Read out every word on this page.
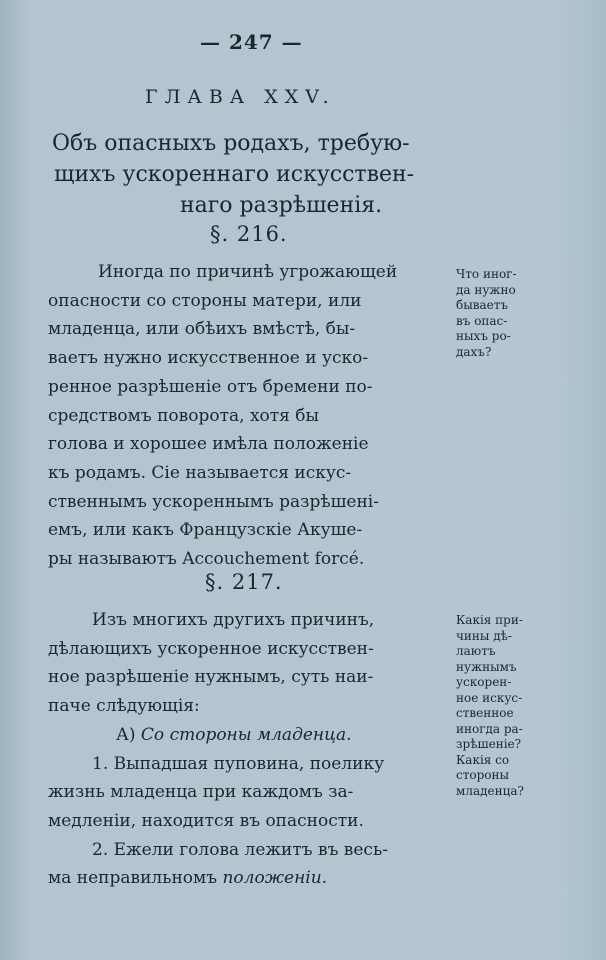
— 247 —
ГЛАВА XXV.
Объ опасныхъ родахъ, требую-
щихъ ускореннаго искусствен-
наго разрѣшенія.
§. 216.
Иногда по причинѣ угрожающей
опасности со стороны матери, или
младенца, или обѣихъ вмѣстѣ, бы-
ваетъ нужно искусственное и уско-
ренное разрѣшеніе отъ бремени по-
средствомъ поворота, хотя бы
голова и хорошее имѣла положеніе
къ родамъ. Сіе называется искус-
ственнымъ ускореннымъ разрѣшені-
емъ, или какъ Французскіе Акуше-
ры называютъ Accouchement forcé.
Что иног-
да нужно
бываетъ
въ опас-
ныхъ ро-
дахъ?
§. 217.
Изъ многихъ другихъ причинъ,
дѣлающихъ ускоренное искусствен-
ное разрѣшеніе нужнымъ, суть наи-
паче слѣдующія:
А) Со стороны младенца.
1. Выпадшая пуповина, поелику
жизнь младенца при каждомъ за-
медленіи, находится въ опасности.
2. Ежели голова лежитъ въ весь-
ма неправильномъ положеніи.
Какія при-
чины дѣ-
лаютъ
нужнымъ
ускорен-
ное искус-
ственное
иногда ра-
зрѣшеніе?
Какія со
стороны
младенца?
